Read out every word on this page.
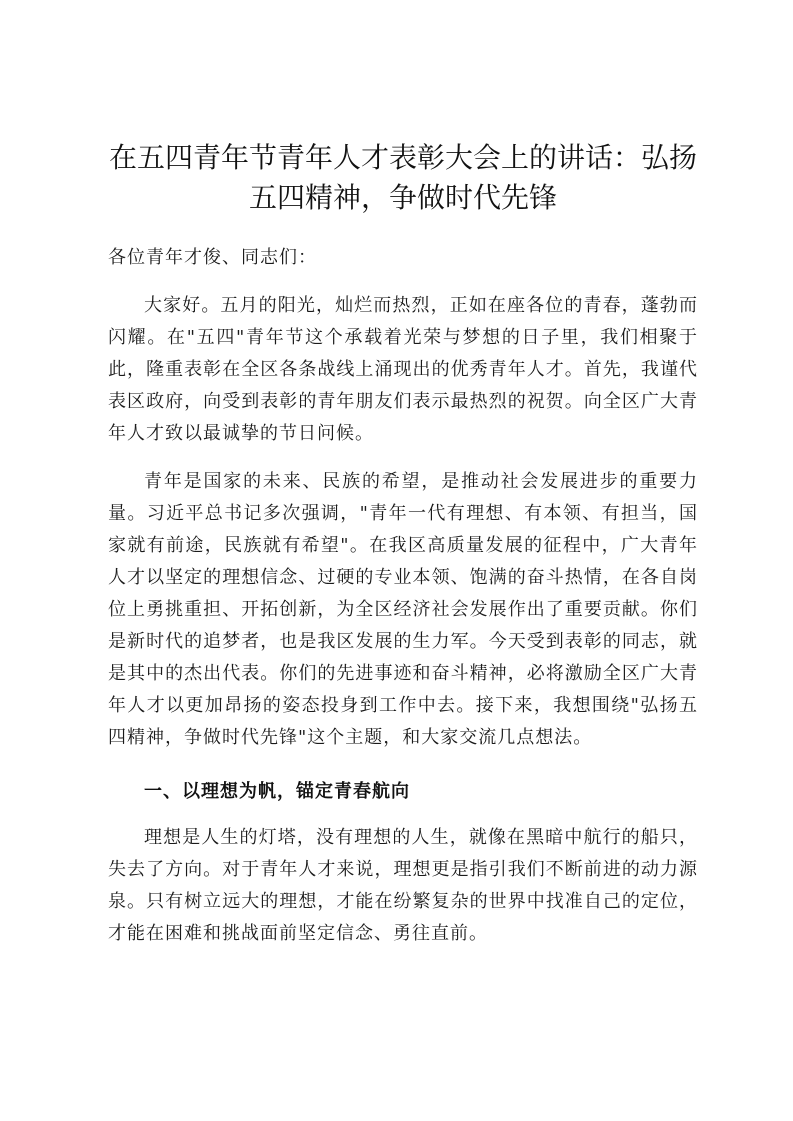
在五四青年节青年人才表彰大会上的讲话：弘扬五四精神，争做时代先锋

各位青年才俊、同志们：

大家好。五月的阳光，灿烂而热烈，正如在座各位的青春，蓬勃而闪耀。在"五四"青年节这个承载着光荣与梦想的日子里，我们相聚于此，隆重表彰在全区各条战线上涌现出的优秀青年人才。首先，我谨代表区政府，向受到表彰的青年朋友们表示最热烈的祝贺。向全区广大青年人才致以最诚挚的节日问候。

青年是国家的未来、民族的希望，是推动社会发展进步的重要力量。习近平总书记多次强调，"青年一代有理想、有本领、有担当，国家就有前途，民族就有希望"。在我区高质量发展的征程中，广大青年人才以坚定的理想信念、过硬的专业本领、饱满的奋斗热情，在各自岗位上勇挑重担、开拓创新，为全区经济社会发展作出了重要贡献。你们是新时代的追梦者，也是我区发展的生力军。今天受到表彰的同志，就是其中的杰出代表。你们的先进事迹和奋斗精神，必将激励全区广大青年人才以更加昂扬的姿态投身到工作中去。接下来，我想围绕"弘扬五四精神，争做时代先锋"这个主题，和大家交流几点想法。

一、以理想为帆，锚定青春航向

理想是人生的灯塔，没有理想的人生，就像在黑暗中航行的船只，失去了方向。对于青年人才来说，理想更是指引我们不断前进的动力源泉。只有树立远大的理想，才能在纷繁复杂的世界中找准自己的定位，才能在困难和挑战面前坚定信念、勇往直前。
